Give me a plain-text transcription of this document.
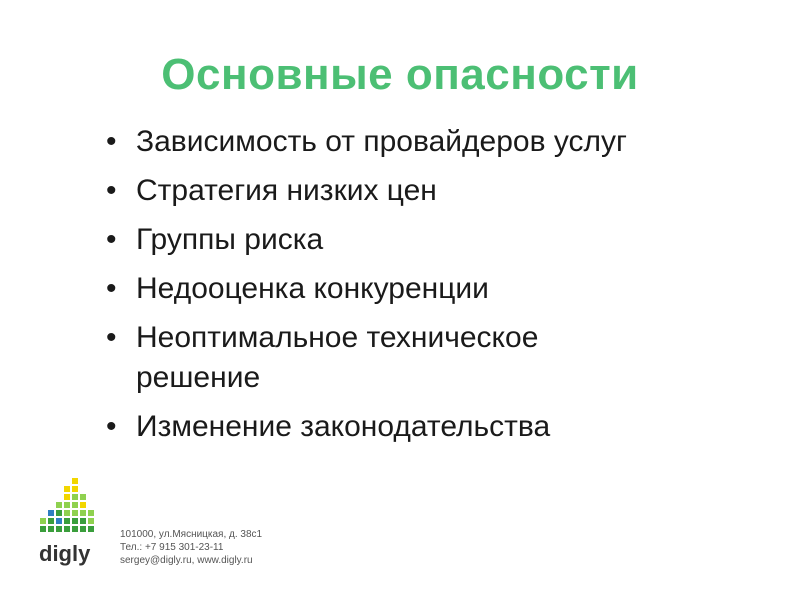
Основные опасности
• Зависимость от провайдеров услуг
• Стратегия низких цен
• Группы риска
• Недооценка конкуренции
• Неоптимальное техническое решение
• Изменение законодательства
digly
101000, ул.Мясницкая, д. 38с1
Тел.: +7 915 301-23-11
sergey@digly.ru, www.digly.ru
